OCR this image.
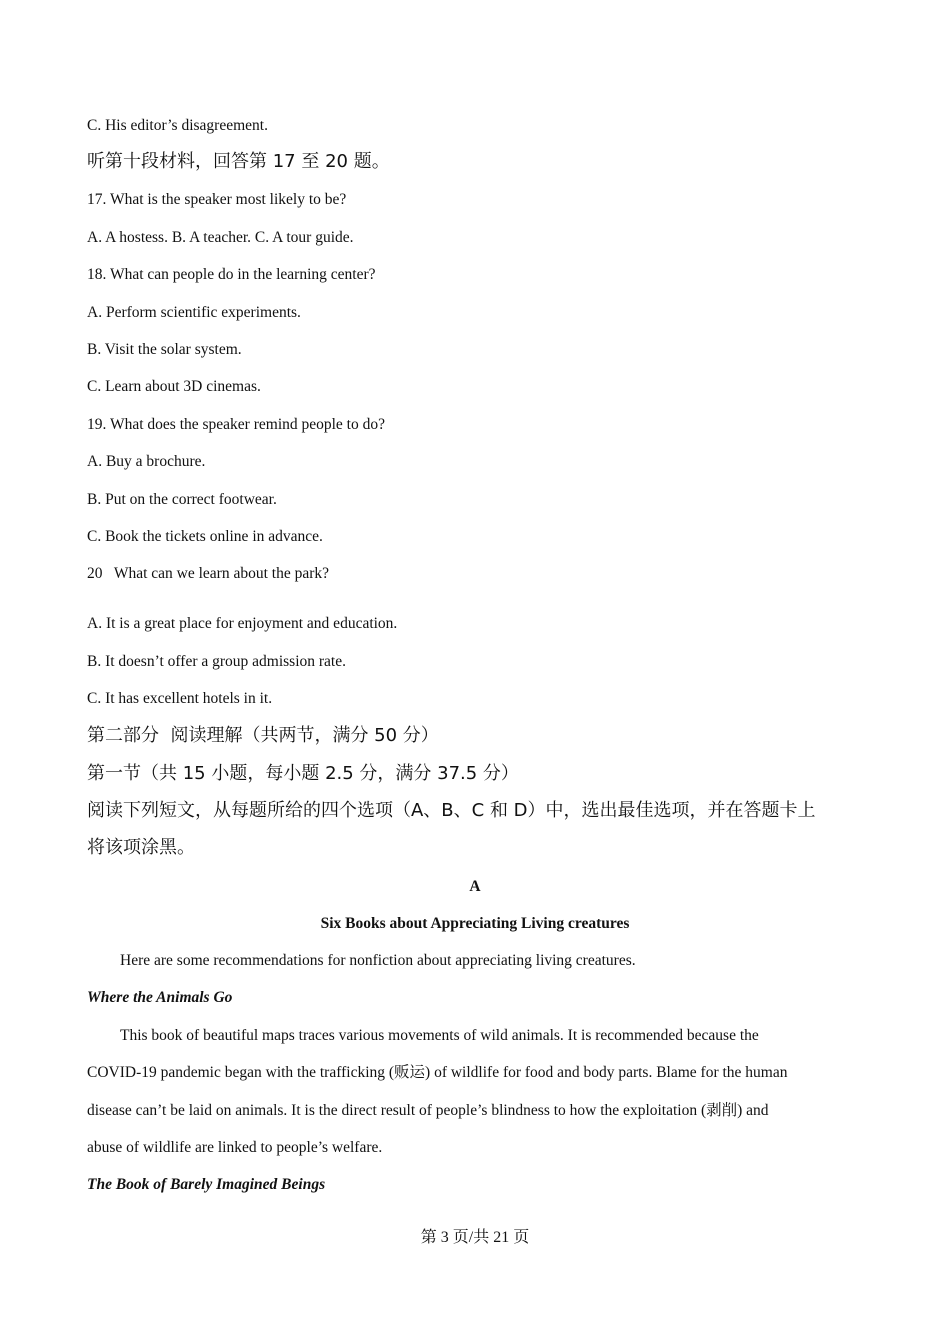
C. His editor’s disagreement.
听第十段材料，回答第 17 至 20 题。
17. What is the speaker most likely to be?
A. A hostess. B. A teacher. C. A tour guide.
18. What can people do in the learning center?
A. Perform scientific experiments.
B. Visit the solar system.
C. Learn about 3D cinemas.
19. What does the speaker remind people to do?
A. Buy a brochure.
B. Put on the correct footwear.
C. Book the tickets online in advance.
20   What can we learn about the park?
A. It is a great place for enjoyment and education.
B. It doesn’t offer a group admission rate.
C. It has excellent hotels in it.
第二部分  阅读理解（共两节，满分 50 分）
第一节（共 15 小题，每小题 2.5 分，满分 37.5 分）
阅读下列短文，从每题所给的四个选项（A、B、C 和 D）中，选出最佳选项，并在答题卡上
将该项涂黑。
A
Six Books about Appreciating Living creatures
Here are some recommendations for nonfiction about appreciating living creatures.
Where the Animals Go
This book of beautiful maps traces various movements of wild animals. It is recommended because the
COVID-19 pandemic began with the trafficking (贩运) of wildlife for food and body parts. Blame for the human
disease can’t be laid on animals. It is the direct result of people’s blindness to how the exploitation (剥削) and
abuse of wildlife are linked to people’s welfare.
The Book of Barely Imagined Beings
第 3 页/共 21 页
